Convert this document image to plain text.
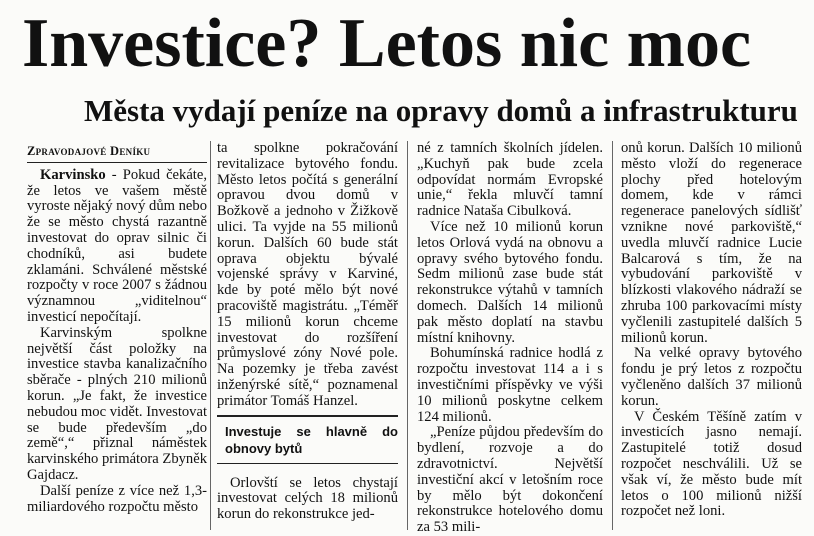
Investice? Letos nic moc
Města vydají peníze na opravy domů a infrastrukturu
Zpravodajové Deníku

Karvinsko - Pokud čekáte, že letos ve vašem městě vyroste nějaký nový dům nebo že se město chystá razantně investovat do oprav silnic či chodníků, asi budete zklamáni. Schválené městské rozpočty v roce 2007 s žádnou významnou „viditelnou“ investicí nepočítají.

Karvinským spolkne největší část položky na investice stavba kanalizačního sběrače - plných 210 milionů korun. „Je fakt, že investice nebudou moc vidět. Investovat se bude především „do země“,“ přiznal náměstek karvinského primátora Zbyněk Gajdacz.

Další peníze z více než 1,3-miliardového rozpočtu město

ta spolkne pokračování revitalizace bytového fondu. Město letos počítá s generální opravou dvou domů v Božkově a jednoho v Žižkově ulici. Ta vyjde na 55 milionů korun. Dalších 60 bude stát oprava objektu bývalé vojenské správy v Karviné, kde by poté mělo být nové pracoviště magistrátu. „Téměř 15 milionů korun chceme investovat do rozšíření průmyslové zóny Nové pole. Na pozemky je třeba zavést inženýrské sítě,“ poznamenal primátor Tomáš Hanzel.

Investuje se hlavně do obnovy bytů

Orlovští se letos chystají investovat celých 18 milionů korun do rekonstrukce jed-

né z tamních školních jídelen. „Kuchyň pak bude zcela odpovídat normám Evropské unie,“ řekla mluvčí tamní radnice Nataša Cibulková.

Více než 10 milionů korun letos Orlová vydá na obnovu a opravy svého bytového fondu. Sedm milionů zase bude stát rekonstrukce výtahů v tamních domech. Dalších 14 milionů pak město doplatí na stavbu místní knihovny.

Bohumínská radnice hodlá z rozpočtu investovat 114 a i s investičními příspěvky ve výši 10 milionů poskytne celkem 124 milionů.

„Peníze půjdou především do bydlení, rozvoje a do zdravotnictví. Největší investiční akcí v letošním roce by mělo být dokončení rekonstrukce hotelového domu za 53 mili-

onů korun. Dalších 10 milionů město vloží do regenerace plochy před hotelovým domem, kde v rámci regenerace panelových sídlišť vznikne nové parkoviště,“ uvedla mluvčí radnice Lucie Balcarová s tím, že na vybudování parkoviště v blízkosti vlakového nádraží se zhruba 100 parkovacími místy vyčlenili zastupitelé dalších 5 milionů korun.

Na velké opravy bytového fondu je prý letos z rozpočtu vyčleněno dalších 37 milionů korun.

V Českém Těšíně zatím v investicích jasno nemají. Zastupitelé totiž dosud rozpočet neschválili. Už se však ví, že město bude mít letos o 100 milionů nižší rozpočet než loni.
